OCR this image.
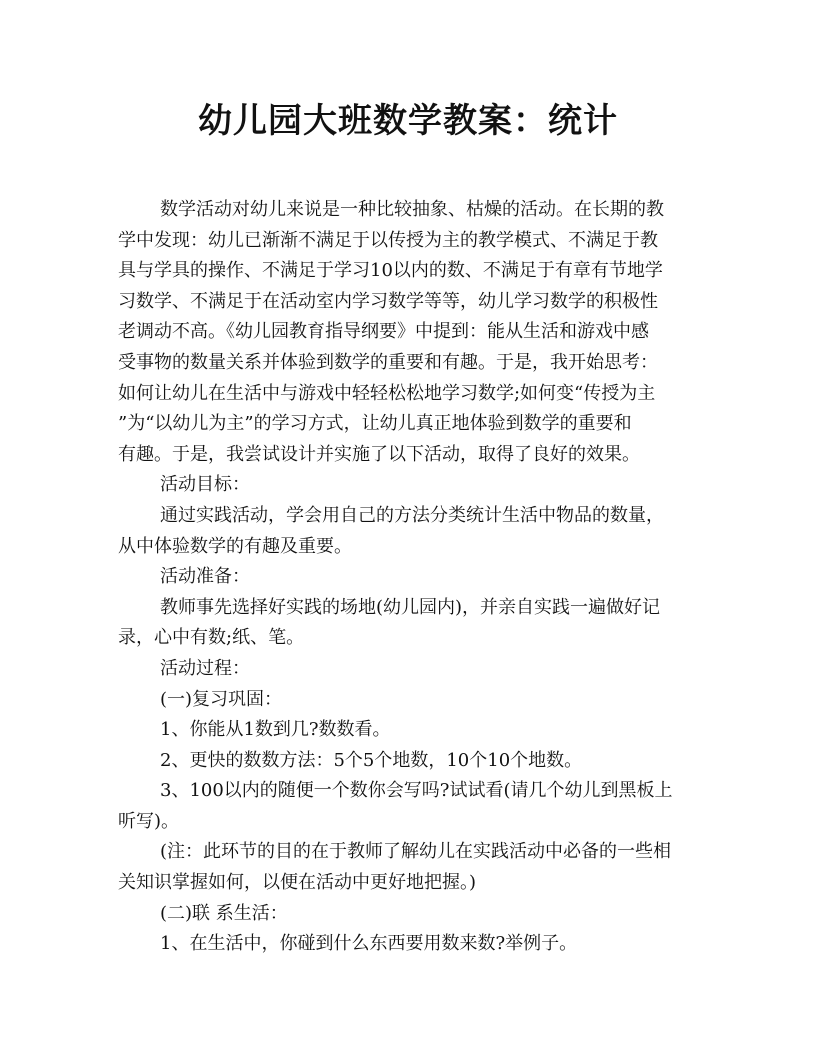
幼儿园大班数学教案：统计
数学活动对幼儿来说是一种比较抽象、枯燥的活动。在长期的教
学中发现：幼儿已渐渐不满足于以传授为主的教学模式、不满足于教
具与学具的操作、不满足于学习10以内的数、不满足于有章有节地学
习数学、不满足于在活动室内学习数学等等，幼儿学习数学的积极性
老调动不高。《幼儿园教育指导纲要》中提到：能从生活和游戏中感
受事物的数量关系并体验到数学的重要和有趣。于是，我开始思考：
如何让幼儿在生活中与游戏中轻轻松松地学习数学;如何变“传授为主
”为“以幼儿为主”的学习方式，让幼儿真正地体验到数学的重要和
有趣。于是，我尝试设计并实施了以下活动，取得了良好的效果。
活动目标：
通过实践活动，学会用自己的方法分类统计生活中物品的数量，
从中体验数学的有趣及重要。
活动准备：
教师事先选择好实践的场地(幼儿园内)，并亲自实践一遍做好记
录，心中有数;纸、笔。
活动过程：
(一)复习巩固：
1、你能从1数到几?数数看。
2、更快的数数方法：5个5个地数，10个10个地数。
3、100以内的随便一个数你会写吗?试试看(请几个幼儿到黑板上
听写)。
(注：此环节的目的在于教师了解幼儿在实践活动中必备的一些相
关知识掌握如何，以便在活动中更好地把握。)
(二)联 系生活：
1、在生活中，你碰到什么东西要用数来数?举例子。
